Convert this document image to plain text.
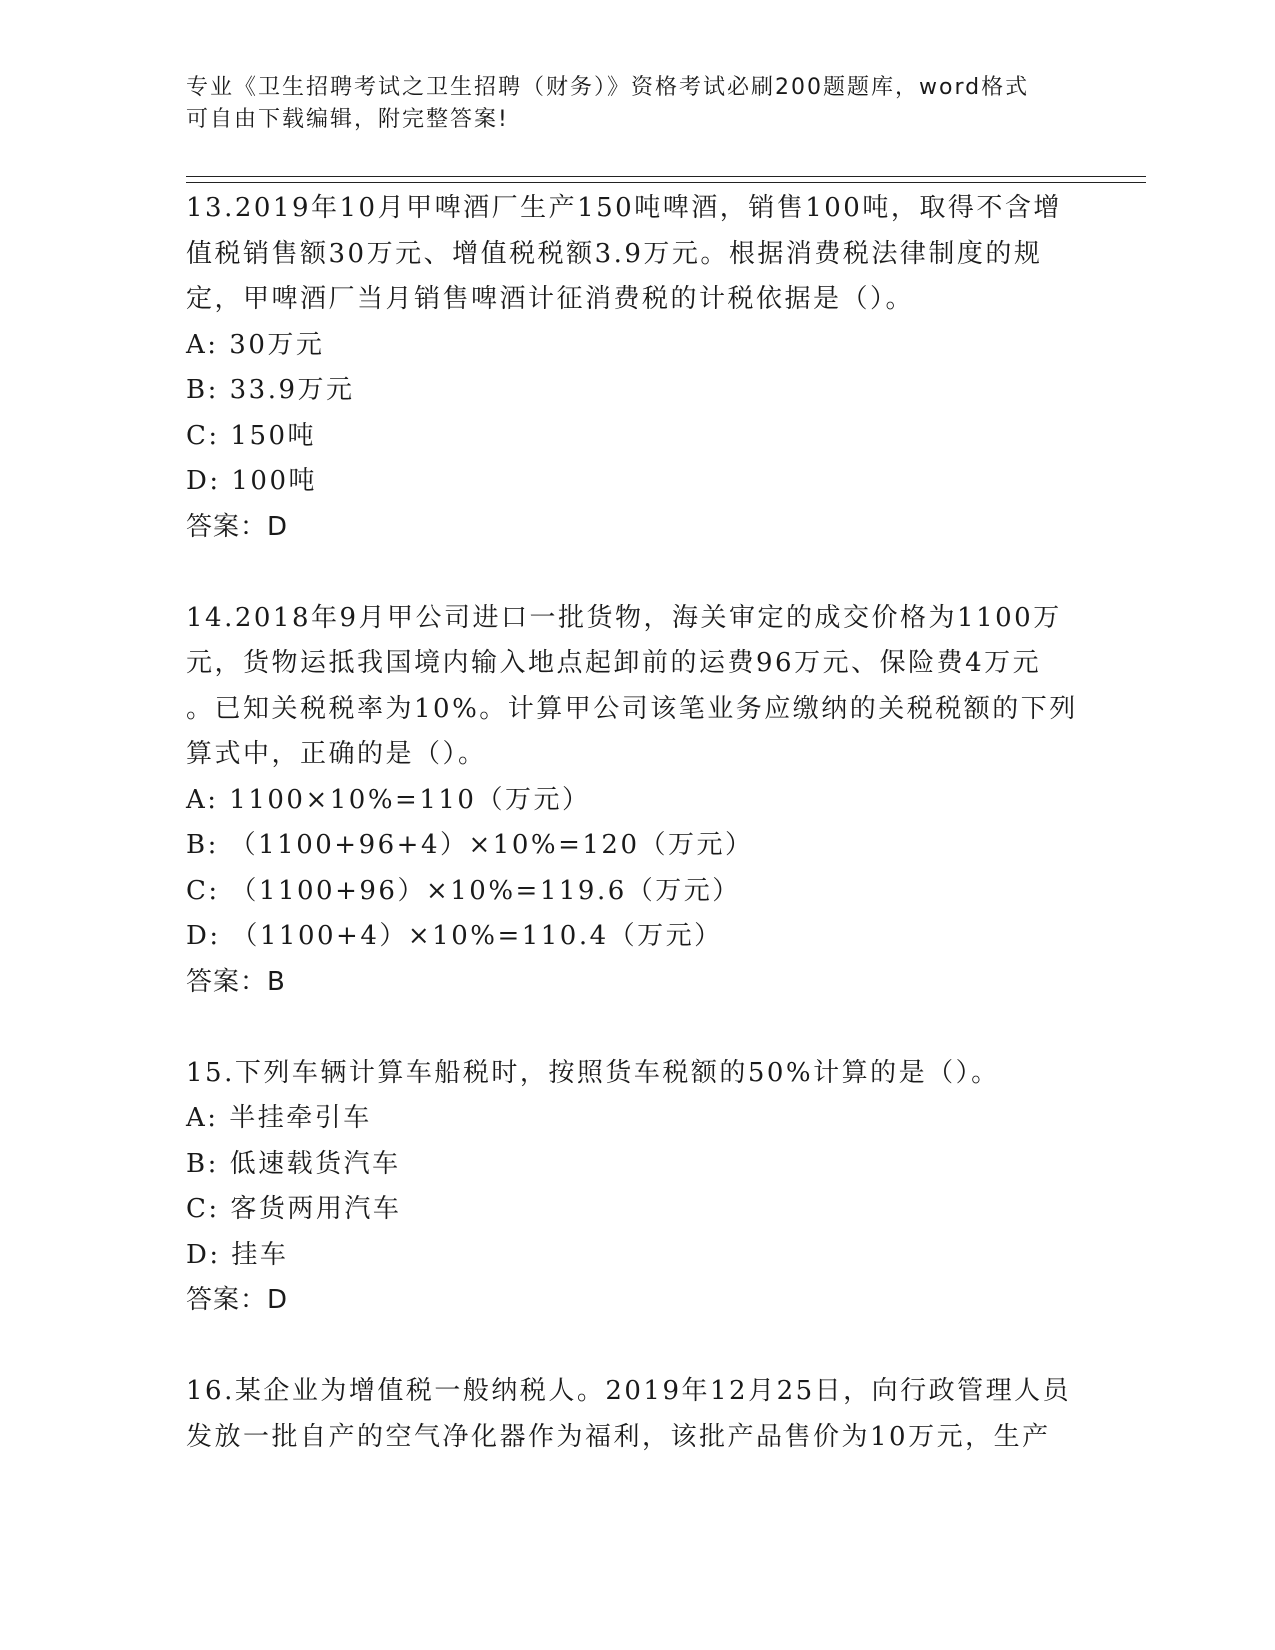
专业《卫生招聘考试之卫生招聘（财务）》资格考试必刷200题题库，word格式
可自由下载编辑，附完整答案!
13.2019年10月甲啤酒厂生产150吨啤酒，销售100吨，取得不含增
值税销售额30万元、增值税税额3.9万元。根据消费税法律制度的规
定，甲啤酒厂当月销售啤酒计征消费税的计税依据是（）。
A: 30万元
B: 33.9万元
C: 150吨
D: 100吨
答案：D
14.2018年9月甲公司进口一批货物，海关审定的成交价格为1100万
元，货物运抵我国境内输入地点起卸前的运费96万元、保险费4万元
。已知关税税率为10%。计算甲公司该笔业务应缴纳的关税税额的下列
算式中，正确的是（）。
A: 1100×10%=110（万元）
B: （1100+96+4）×10%=120（万元）
C: （1100+96）×10%=119.6（万元）
D: （1100+4）×10%=110.4（万元）
答案：B
15.下列车辆计算车船税时，按照货车税额的50%计算的是（）。
A: 半挂牵引车
B: 低速载货汽车
C: 客货两用汽车
D: 挂车
答案：D
16.某企业为增值税一般纳税人。2019年12月25日，向行政管理人员
发放一批自产的空气净化器作为福利，该批产品售价为10万元，生产
